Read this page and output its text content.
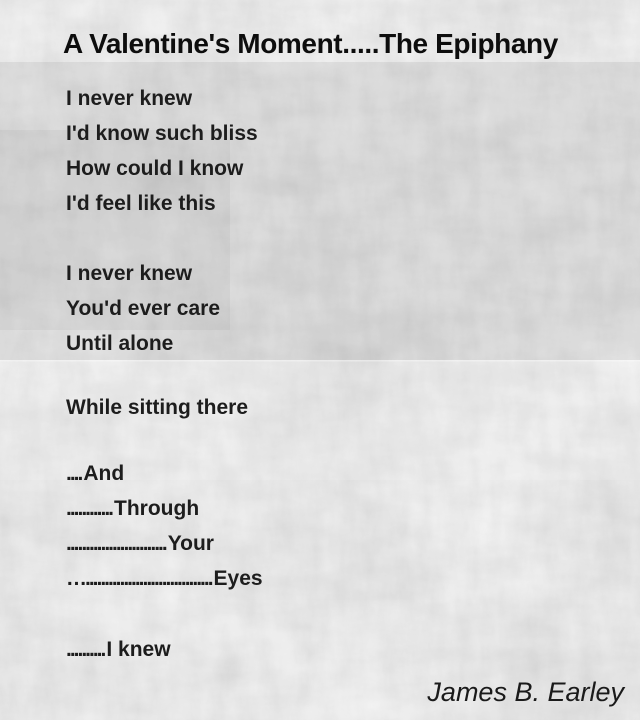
A Valentine's Moment.....The Epiphany
I never knew
I'd know such bliss
How could I know
I'd feel like this
I never knew
You'd ever care
Until alone
While sitting there
....And
............Through
..........................Your
….................................Eyes
..........I knew
James B. Earley
